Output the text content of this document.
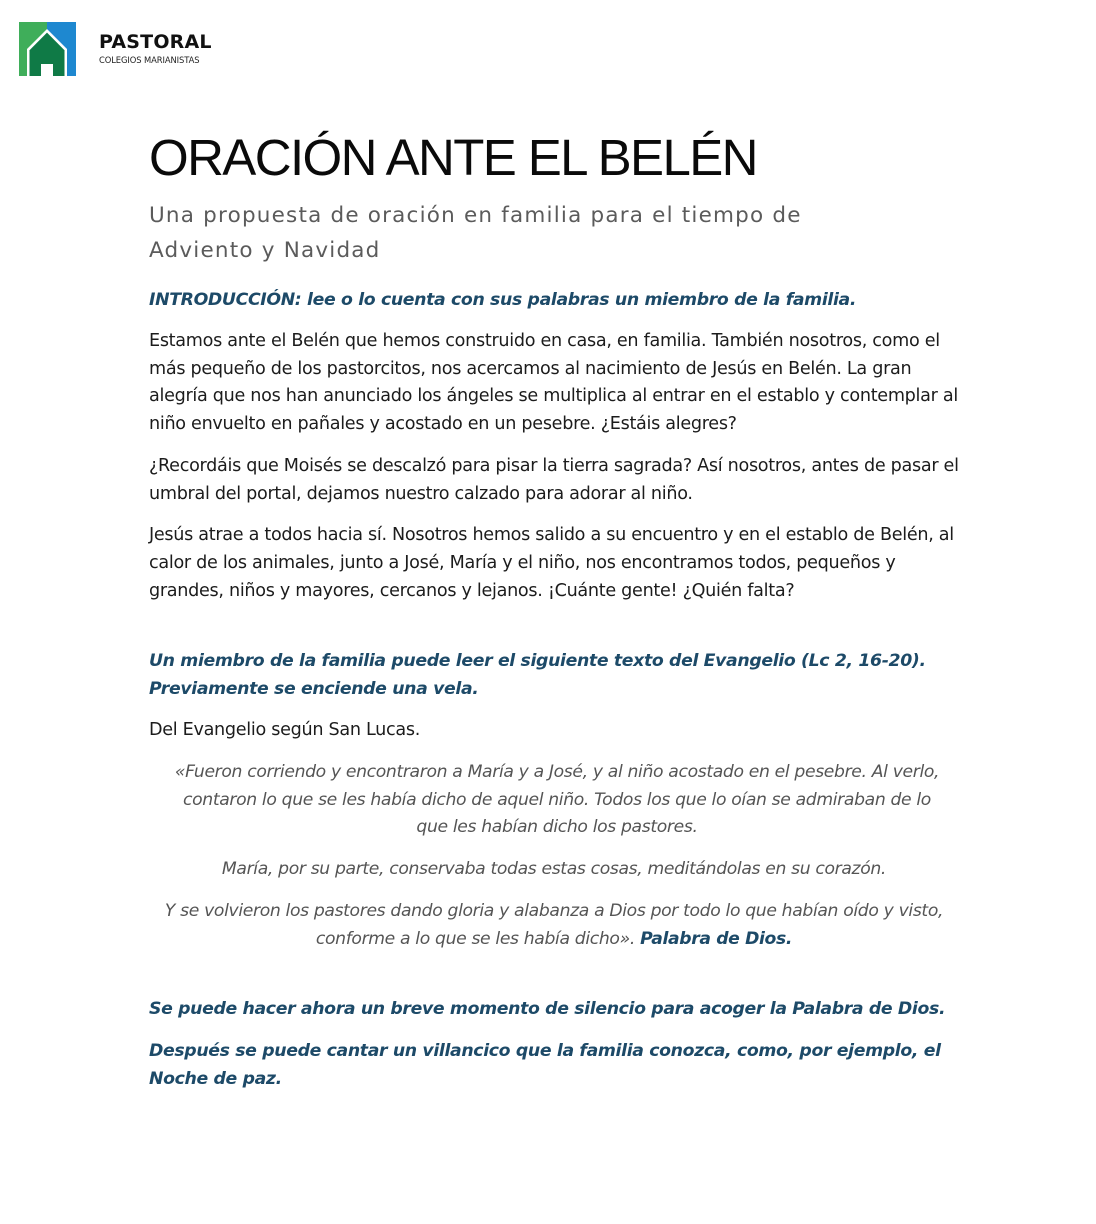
PASTORAL
COLEGIOS MARIANISTAS
ORACIÓN ANTE EL BELÉN

Una propuesta de oración en familia para el tiempo de Adviento y Navidad

INTRODUCCIÓN: lee o lo cuenta con sus palabras un miembro de la familia.

Estamos ante el Belén que hemos construido en casa, en familia. También nosotros, como el más pequeño de los pastorcitos, nos acercamos al nacimiento de Jesús en Belén. La gran alegría que nos han anunciado los ángeles se multiplica al entrar en el establo y contemplar al niño envuelto en pañales y acostado en un pesebre. ¿Estáis alegres?

¿Recordáis que Moisés se descalzó para pisar la tierra sagrada? Así nosotros, antes de pasar el umbral del portal, dejamos nuestro calzado para adorar al niño.

Jesús atrae a todos hacia sí. Nosotros hemos salido a su encuentro y en el establo de Belén, al calor de los animales, junto a José, María y el niño, nos encontramos todos, pequeños y grandes, niños y mayores, cercanos y lejanos. ¡Cuánte gente! ¿Quién falta?

Un miembro de la familia puede leer el siguiente texto del Evangelio (Lc 2, 16-20). Previamente se enciende una vela.

Del Evangelio según San Lucas.

«Fueron corriendo y encontraron a María y a José, y al niño acostado en el pesebre. Al verlo, contaron lo que se les había dicho de aquel niño. Todos los que lo oían se admiraban de lo que les habían dicho los pastores.

María, por su parte, conservaba todas estas cosas, meditándolas en su corazón.

Y se volvieron los pastores dando gloria y alabanza a Dios por todo lo que habían oído y visto, conforme a lo que se les había dicho». Palabra de Dios.

Se puede hacer ahora un breve momento de silencio para acoger la Palabra de Dios.

Después se puede cantar un villancico que la familia conozca, como, por ejemplo, el Noche de paz.
